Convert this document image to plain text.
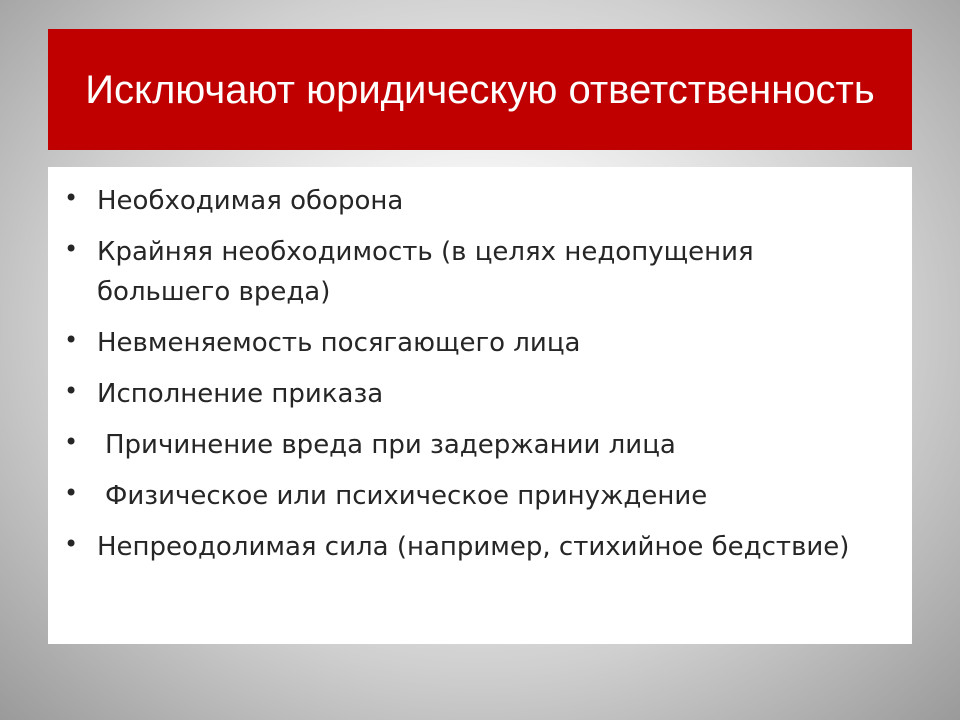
Исключают юридическую ответственность
• Необходимая оборона
• Крайняя необходимость (в целях недопущения большего вреда)
• Невменяемость посягающего лица
• Исполнение приказа
• Причинение вреда при задержании лица
• Физическое или психическое принуждение
• Непреодолимая сила (например, стихийное бедствие)
